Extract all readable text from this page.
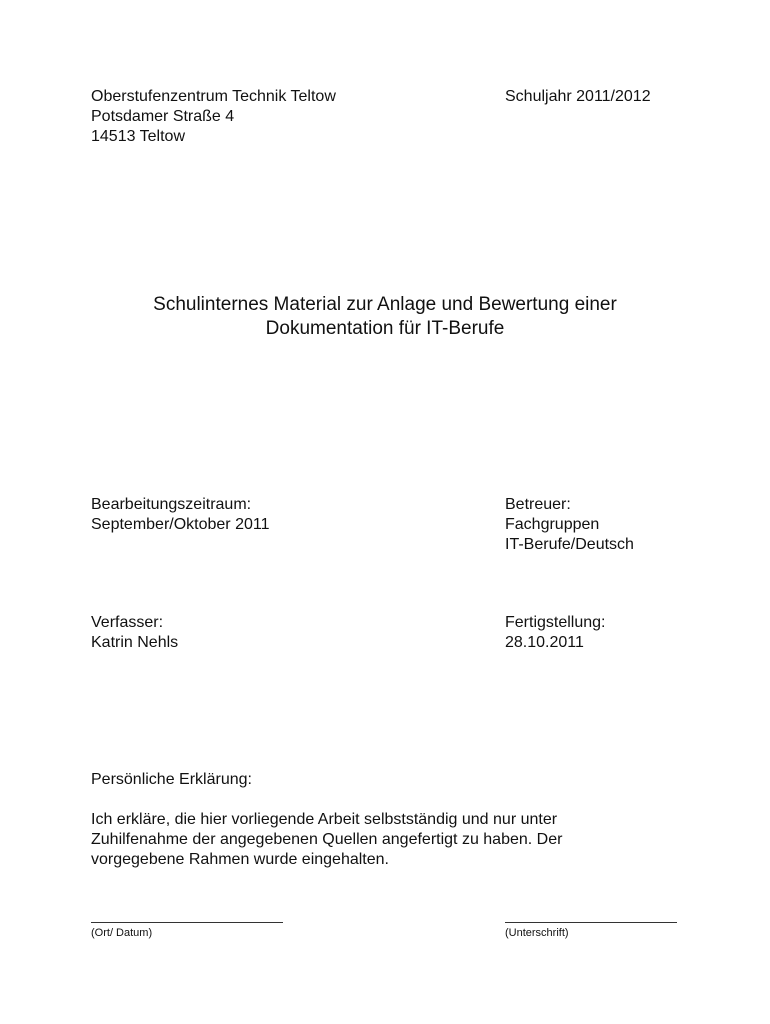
Oberstufenzentrum Technik Teltow
Potsdamer Straße 4
14513 Teltow
Schuljahr 2011/2012
Schulinternes Material zur Anlage und Bewertung einer
Dokumentation für IT-Berufe
Bearbeitungszeitraum:
September/Oktober 2011
Betreuer:
Fachgruppen
IT-Berufe/Deutsch
Verfasser:
Katrin Nehls
Fertigstellung:
28.10.2011
Persönliche Erklärung:
Ich erkläre, die hier vorliegende Arbeit selbstständig und nur unter
Zuhilfenahme der angegebenen Quellen angefertigt zu haben. Der
vorgegebene Rahmen wurde eingehalten.
(Ort/ Datum)	(Unterschrift)
